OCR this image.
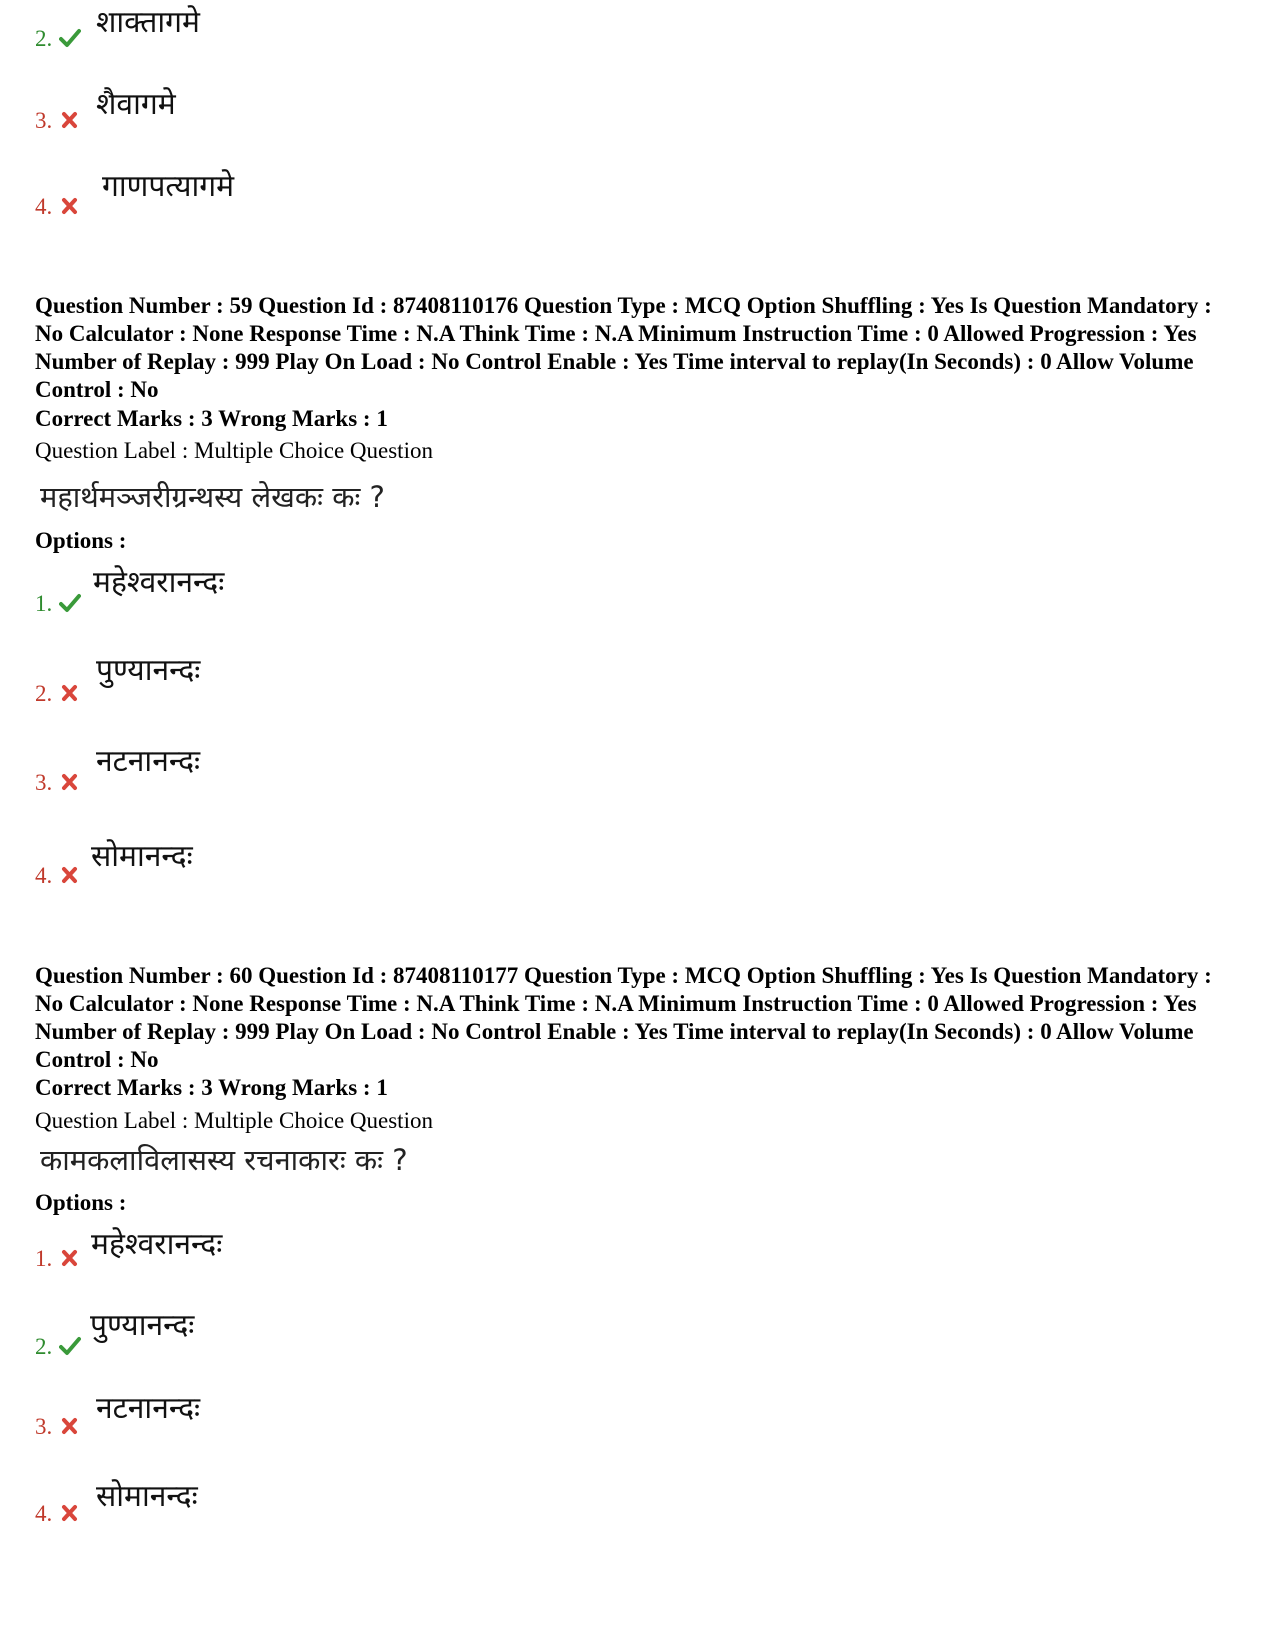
2. शाक्तागमे
3. शैवागमे
4.
गाणपत्यागमे

Question Number : 59 Question Id : 87408110176 Question Type : MCQ Option Shuffling : Yes Is Question Mandatory : No Calculator : None Response Time : N.A Think Time : N.A Minimum Instruction Time : 0 Allowed Progression : Yes Number of Replay : 999 Play On Load : No Control Enable : Yes Time interval to replay(In Seconds) : 0 Allow Volume Control : No

Correct Marks : 3 Wrong Marks : 1
Question Label : Multiple Choice Question
महार्थमञ्जरीग्रन्थस्य लेखकः कः ?
Options :
1.
महेश्वरानन्दः
2.
पुण्यानन्दः
3.
नटनानन्दः
4.
सोमानन्दः

Question Number : 60 Question Id : 87408110177 Question Type : MCQ Option Shuffling : Yes Is Question Mandatory : No Calculator : None Response Time : N.A Think Time : N.A Minimum Instruction Time : 0 Allowed Progression : Yes Number of Replay : 999 Play On Load : No Control Enable : Yes Time interval to replay(In Seconds) : 0 Allow Volume Control : No

Correct Marks : 3 Wrong Marks : 1
Question Label : Multiple Choice Question
कामकलाविलासस्य रचनाकारः कः ?
Options :
1. महेश्वरानन्दः
2.
पुण्यानन्दः
3.
नटनानन्दः
4. सोमानन्दः
